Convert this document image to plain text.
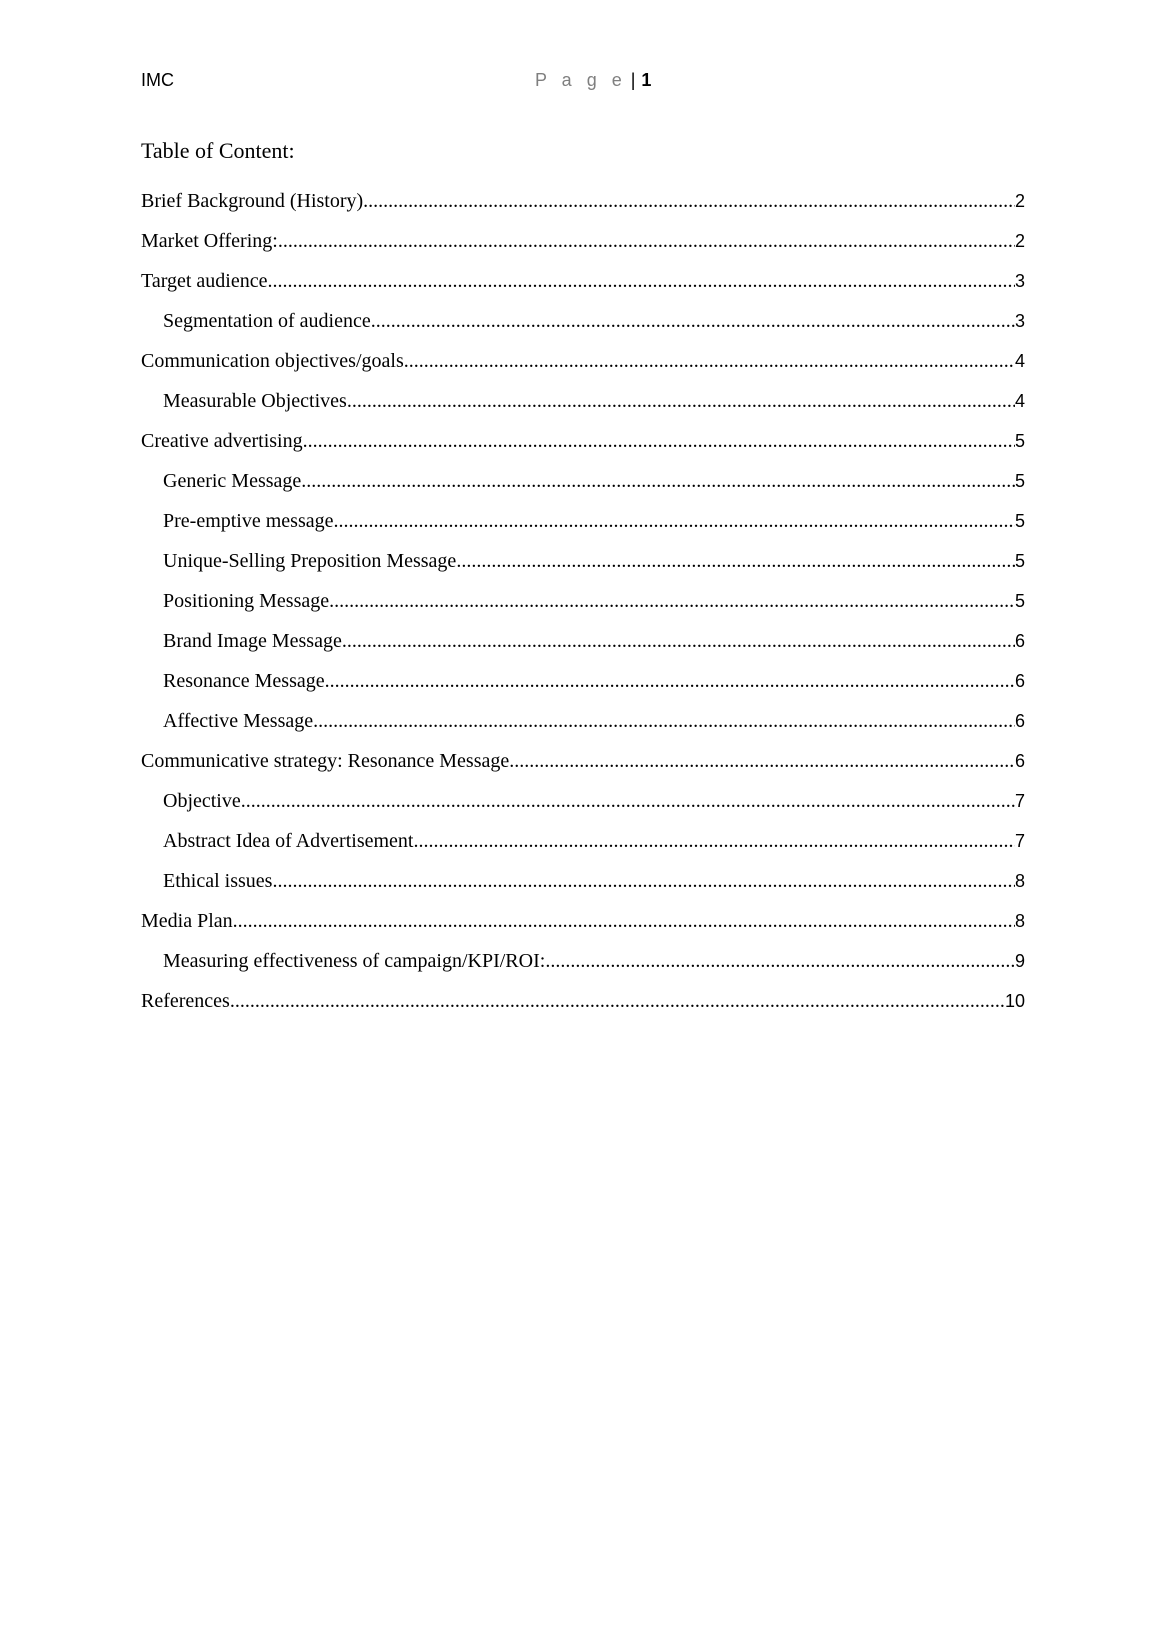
IMC	P a g e | 1
Table of Content:
Brief Background (History) .....	2
Market Offering: .....	2
Target audience .....	3
Segmentation of audience .....	3
Communication objectives/goals .....	4
Measurable Objectives .....	4
Creative advertising .....	5
Generic Message .....	5
Pre-emptive message .....	5
Unique-Selling Preposition Message .....	5
Positioning Message .....	5
Brand Image Message .....	6
Resonance Message .....	6
Affective Message .....	6
Communicative strategy: Resonance Message .....	6
Objective .....	7
Abstract Idea of Advertisement .....	7
Ethical issues .....	8
Media Plan .....	8
Measuring effectiveness of campaign/KPI/ROI: .....	9
References .....	10
